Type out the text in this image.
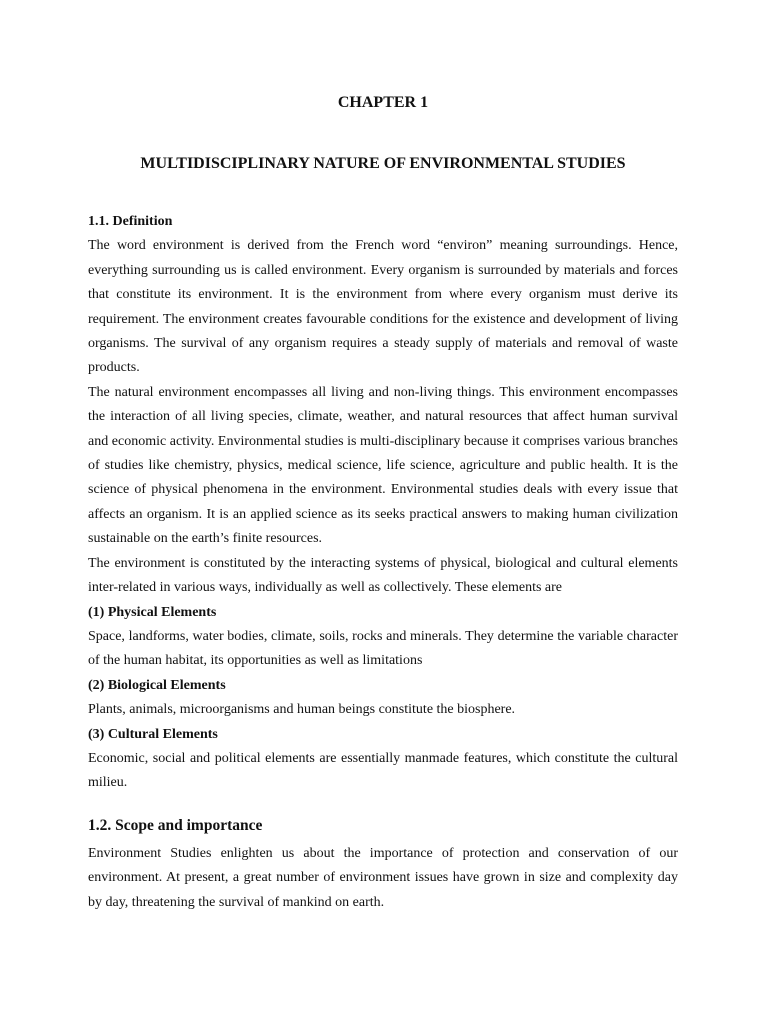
CHAPTER 1
MULTIDISCIPLINARY NATURE OF ENVIRONMENTAL STUDIES

1.1. Definition

The word environment is derived from the French word “environ” meaning surroundings. Hence, everything surrounding us is called environment. Every organism is surrounded by materials and forces that constitute its environment. It is the environment from where every organism must derive its requirement. The environment creates favourable conditions for the existence and development of living organisms. The survival of any organism requires a steady supply of materials and removal of waste products.

The natural environment encompasses all living and non-living things. This environment encompasses the interaction of all living species, climate, weather, and natural resources that affect human survival and economic activity. Environmental studies is multi-disciplinary because it comprises various branches of studies like chemistry, physics, medical science, life science, agriculture and public health. It is the science of physical phenomena in the environment. Environmental studies deals with every issue that affects an organism. It is an applied science as its seeks practical answers to making human civilization sustainable on the earth’s finite resources.

The environment is constituted by the interacting systems of physical, biological and cultural elements inter-related in various ways, individually as well as collectively. These elements are

(1) Physical Elements

Space, landforms, water bodies, climate, soils, rocks and minerals. They determine the variable character of the human habitat, its opportunities as well as limitations

(2) Biological Elements

Plants, animals, microorganisms and human beings constitute the biosphere.

(3) Cultural Elements

Economic, social and political elements are essentially manmade features, which constitute the cultural milieu.

1.2. Scope and importance

Environment Studies enlighten us about the importance of protection and conservation of our environment. At present, a great number of environment issues have grown in size and complexity day by day, threatening the survival of mankind on earth.
